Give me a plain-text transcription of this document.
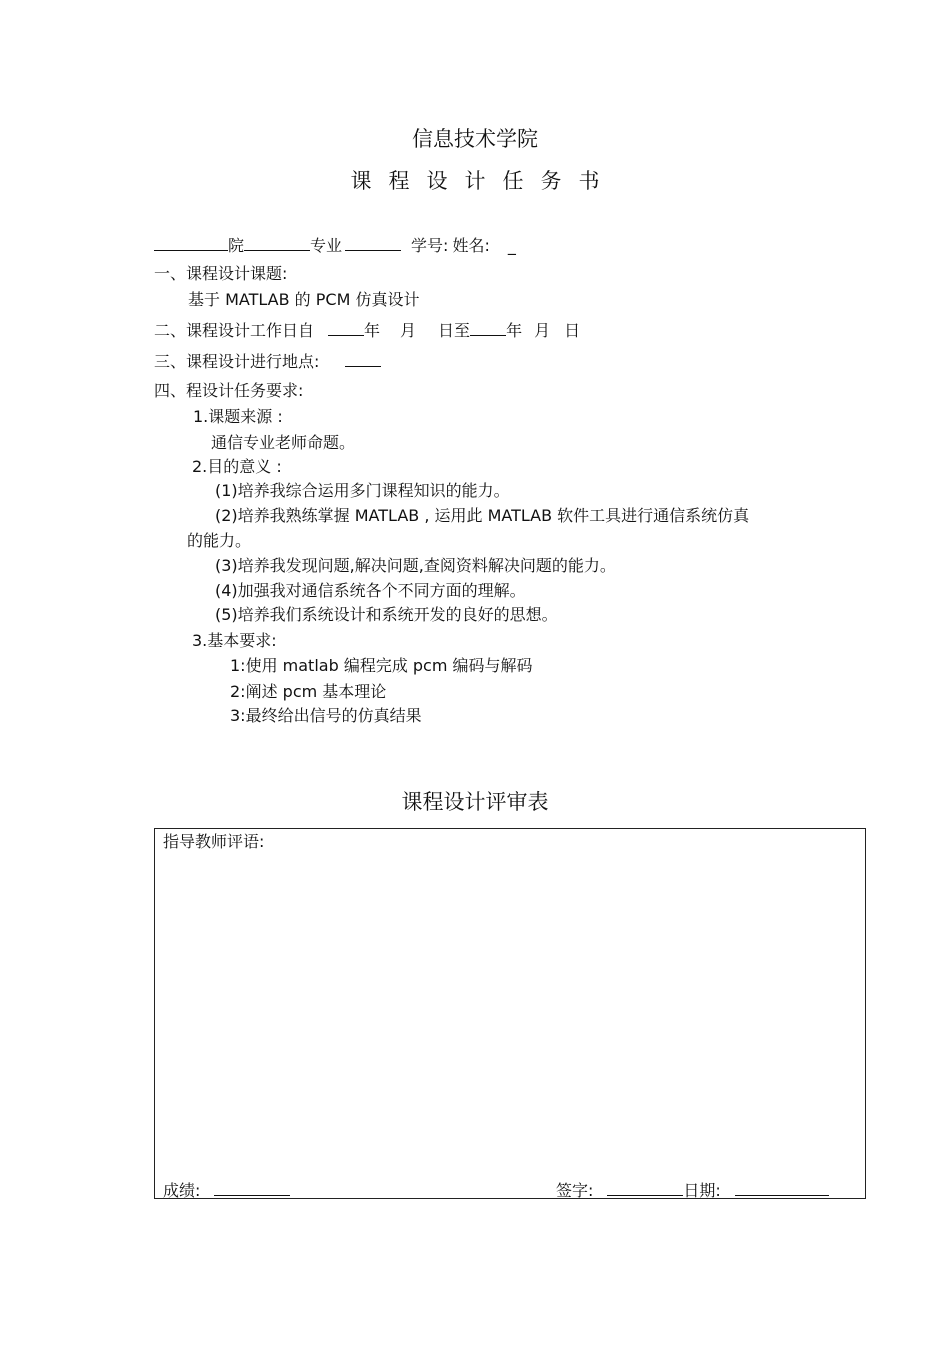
信息技术学院
课程设计任务书
院	专业	学号: 姓名: _
一、课程设计课题:
基于 MATLAB 的 PCM 仿真设计
二、课程设计工作日自	年 月 日至 年 月 日
三、课程设计进行地点:
四、程设计任务要求:
1.课题来源 :
通信专业老师命题。
2.目的意义 :
(1)培养我综合运用多门课程知识的能力。
(2)培养我熟练掌握 MATLAB , 运用此 MATLAB 软件工具进行通信系统仿真
的能力。
(3)培养我发现问题,解决问题,查阅资料解决问题的能力。
(4)加强我对通信系统各个不同方面的理解。
(5)培养我们系统设计和系统开发的良好的思想。
3.基本要求:
1:使用 matlab 编程完成 pcm 编码与解码
2:阐述 pcm 基本理论
3:最终给出信号的仿真结果
课程设计评审表
指导教师评语:
成绩:	签字:	日期:
